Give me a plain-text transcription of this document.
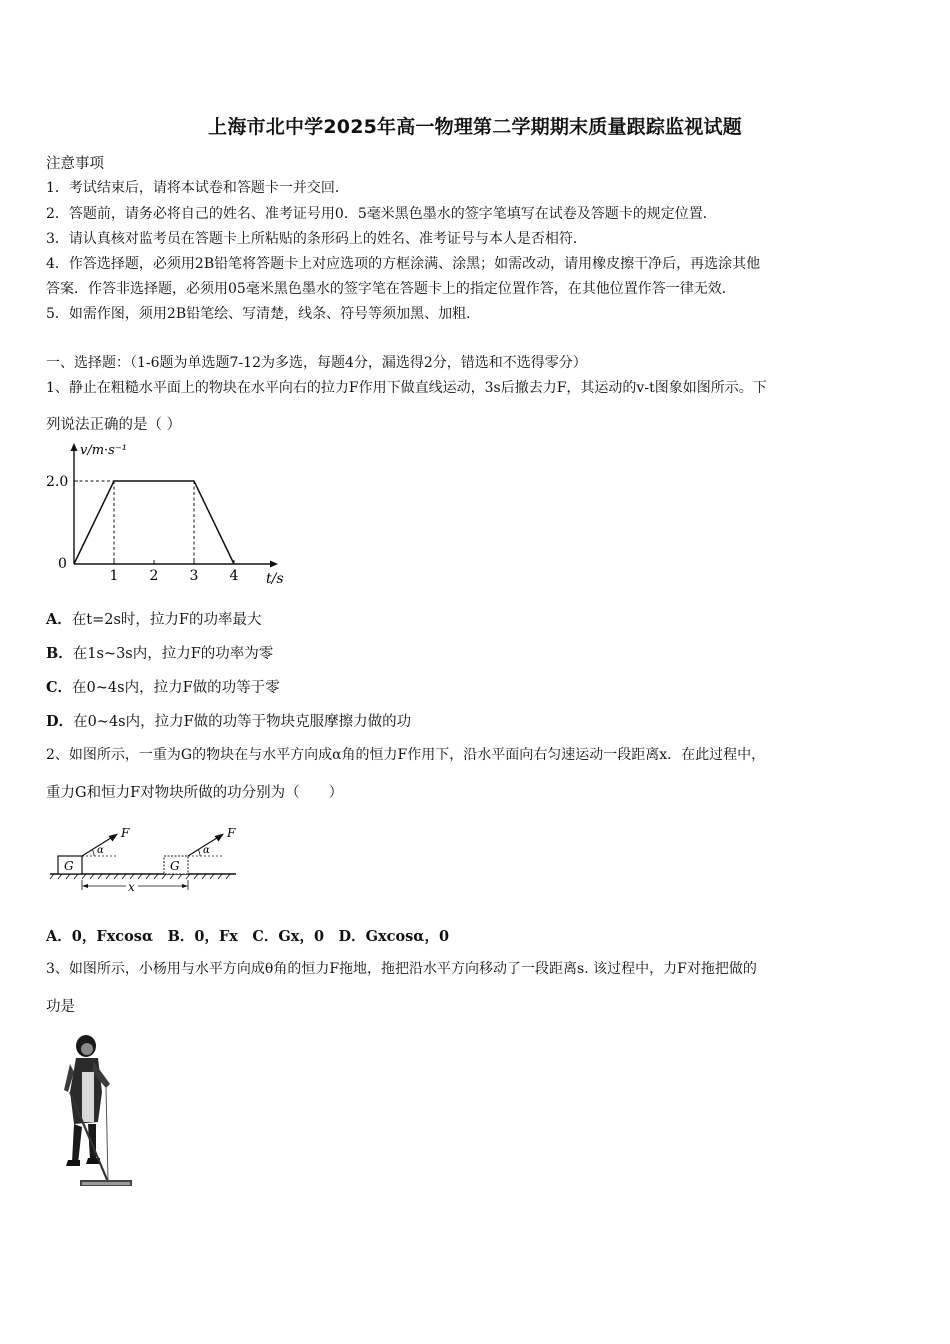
上海市北中学2025年高一物理第二学期期末质量跟踪监视试题
注意事项
1．考试结束后，请将本试卷和答题卡一并交回．
2．答题前，请务必将自己的姓名、准考证号用0．5毫米黑色墨水的签字笔填写在试卷及答题卡的规定位置．
3．请认真核对监考员在答题卡上所粘贴的条形码上的姓名、准考证号与本人是否相符．
4．作答选择题，必须用2B铅笔将答题卡上对应选项的方框涂满、涂黑；如需改动，请用橡皮擦干净后，再选涂其他
答案．作答非选择题，必须用05毫米黑色墨水的签字笔在答题卡上的指定位置作答，在其他位置作答一律无效．
5．如需作图，须用2B铅笔绘、写清楚，线条、符号等须加黑、加粗．
一、选择题：（1-6题为单选题7-12为多选，每题4分，漏选得2分，错选和不选得零分）
1、静止在粗糙水平面上的物块在水平向右的拉力F作用下做直线运动，3s后撤去力F，其运动的v-t图象如图所示。下
列说法正确的是（ ）
v/m·s⁻¹
t/s
2.0
0
1 2 3 4
A．在t=2s时，拉力F的功率最大
B．在1s~3s内，拉力F的功率为零
C．在0~4s内，拉力F做的功等于零
D．在0~4s内，拉力F做的功等于物块克服摩擦力做的功
2、如图所示，一重为G的物块在与水平方向成α角的恒力F作用下，沿水平面向右匀速运动一段距离x．在此过程中，
重力G和恒力F对物块所做的功分别为（　　）
G
α
F
G
α
F
x
A．0，Fxcosα　B．0，Fx　C．Gx，0　D．Gxcosα，0
3、如图所示，小杨用与水平方向成θ角的恒力F拖地，拖把沿水平方向移动了一段距离s. 该过程中，力F对拖把做的
功是
